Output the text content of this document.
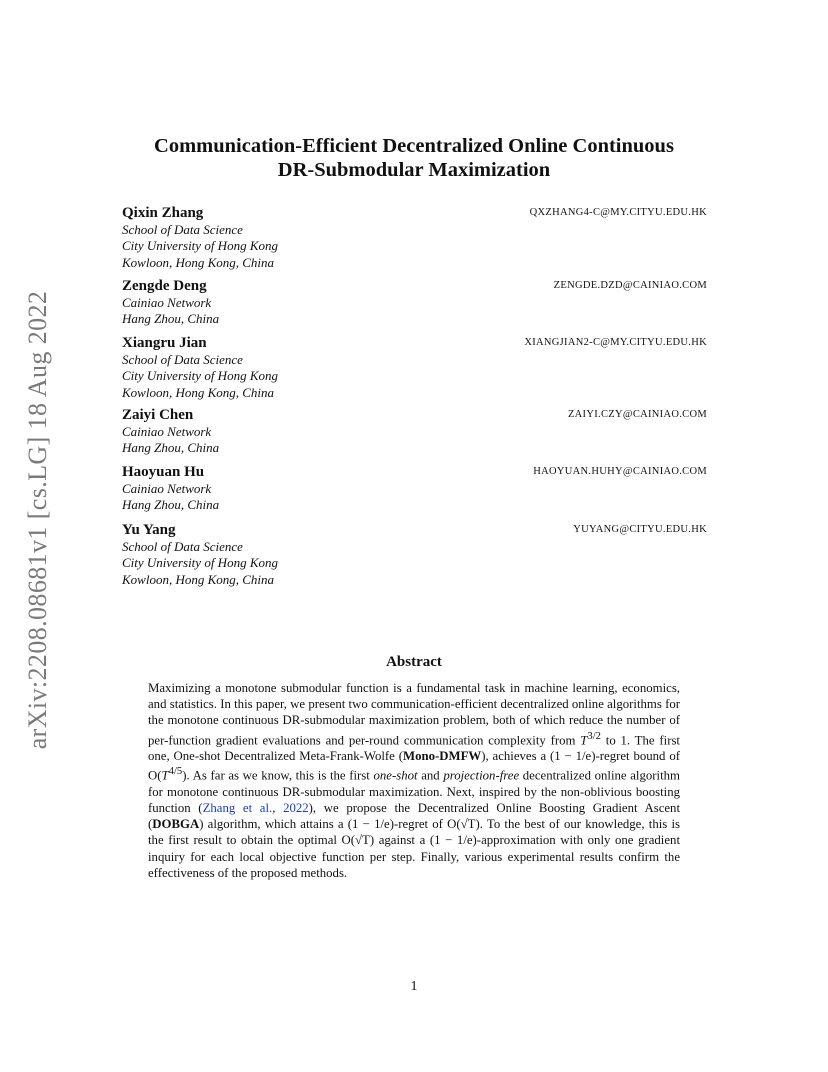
arXiv:2208.08681v1 [cs.LG] 18 Aug 2022
Communication-Efficient Decentralized Online Continuous
DR-Submodular Maximization
Qixin Zhang	QXZHANG4-C@MY.CITYU.EDU.HK
School of Data Science
City University of Hong Kong
Kowloon, Hong Kong, China
Zengde Deng	ZENGDE.DZD@CAINIAO.COM
Cainiao Network
Hang Zhou, China
Xiangru Jian	XIANGJIAN2-C@MY.CITYU.EDU.HK
School of Data Science
City University of Hong Kong
Kowloon, Hong Kong, China
Zaiyi Chen	ZAIYI.CZY@CAINIAO.COM
Cainiao Network
Hang Zhou, China
Haoyuan Hu	HAOYUAN.HUHY@CAINIAO.COM
Cainiao Network
Hang Zhou, China
Yu Yang	YUYANG@CITYU.EDU.HK
School of Data Science
City University of Hong Kong
Kowloon, Hong Kong, China
Abstract
Maximizing a monotone submodular function is a fundamental task in machine learning, economics, and statistics. In this paper, we present two communication-efficient decentralized online algorithms for the monotone continuous DR-submodular maximization problem, both of which reduce the number of per-function gradient evaluations and per-round communication complexity from $T^{3/2}$ to 1. The first one, One-shot Decentralized Meta-Frank-Wolfe (Mono-DMFW), achieves a (1 − 1/e)-regret bound of $O(T^{4/5})$. As far as we know, this is the first one-shot and projection-free decentralized online algorithm for monotone continuous DR-submodular maximization. Next, inspired by the non-oblivious boosting function (Zhang et al., 2022), we propose the Decentralized Online Boosting Gradient Ascent (DOBGA) algorithm, which attains a (1 − 1/e)-regret of O(√T). To the best of our knowledge, this is the first result to obtain the optimal O(√T) against a (1 − 1/e)-approximation with only one gradient inquiry for each local objective function per step. Finally, various experimental results confirm the effectiveness of the proposed methods.
1
